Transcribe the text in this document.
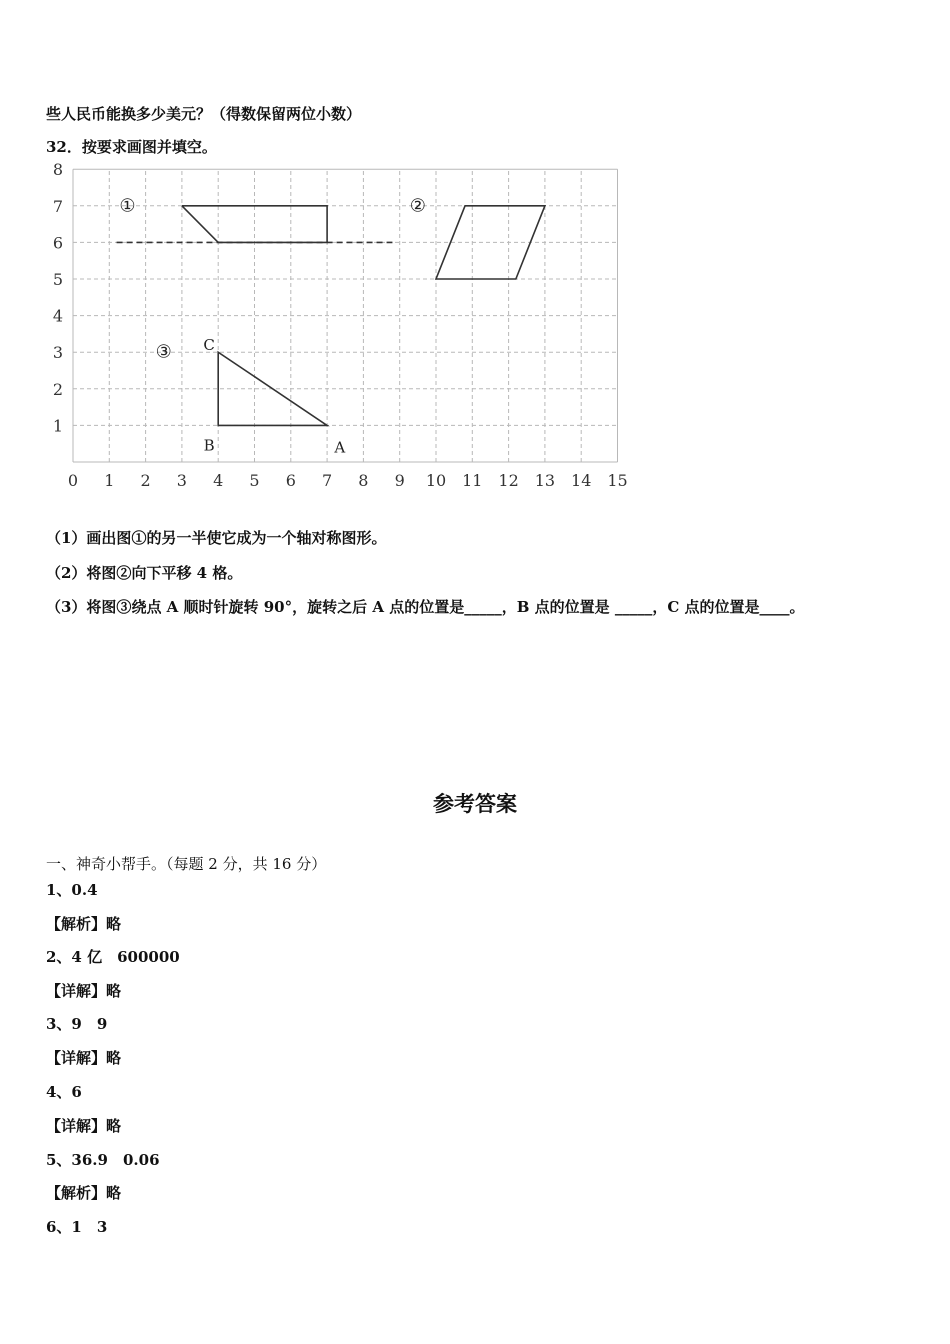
些人民币能换多少美元？（得数保留两位小数）
32．按要求画图并填空。
0 1 2 3 4 5 6 7 8 9 10 11 12 13 14 15
1
2
3
4
5
6
7
8
①	②
③ C
B	A
（1）画出图①的另一半使它成为一个轴对称图形。
（2）将图②向下平移 4 格。
（3）将图③绕点 A 顺时针旋转 90°，旋转之后 A 点的位置是_____，B 点的位置是 _____，C 点的位置是____。
参考答案
一、神奇小帮手。（每题 2 分，共 16 分）
1、0.4
【解析】略
2、4 亿　600000
【详解】略
3、9　9
【详解】略
4、6
【详解】略
5、36.9　0.06
【解析】略
6、1　3
